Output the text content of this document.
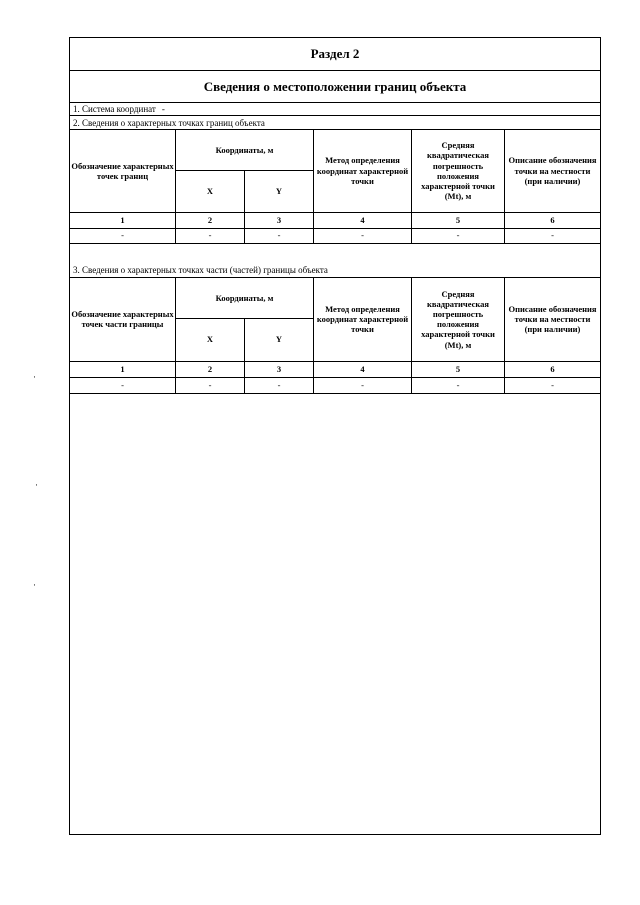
Раздел 2
Сведения о местоположении границ объекта
1. Система координат -
2. Сведения о характерных точках границ объекта
Обозначение характерных точек границ	Координаты, м		Метод определения координат характерной точки	Средняя квадратическая погрешность положения характерной точки (Mt), м	Описание обозначения точки на местности (при наличии)
	X	Y			
1	2	3	4	5	6
-	-	-	-	-	-
3. Сведения о характерных точках части (частей) границы объекта
Обозначение характерных точек части границы	Координаты, м		Метод определения координат характерной точки	Средняя квадратическая погрешность положения характерной точки (Mt), м	Описание обозначения точки на местности (при наличии)
	X	Y			
1	2	3	4	5	6
-	-	-	-	-	-
·
·
·
